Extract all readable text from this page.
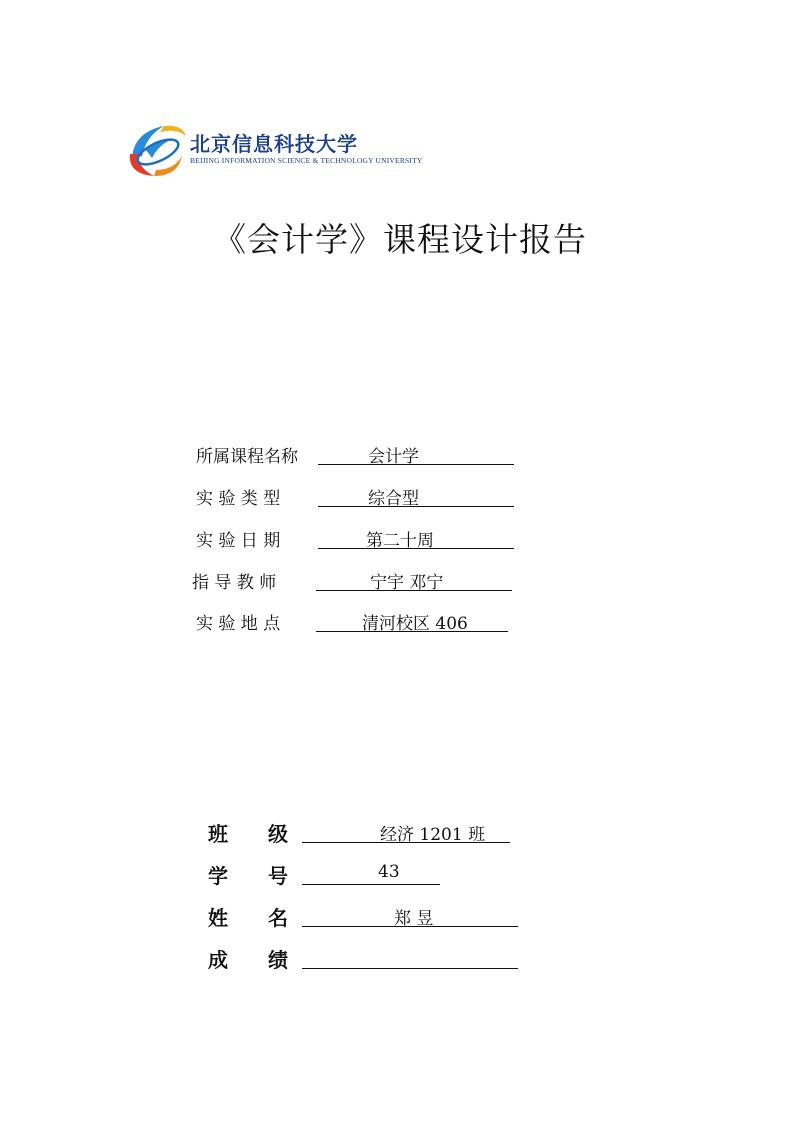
北京信息科技大学
BEIJING INFORMATION SCIENCE & TECHNOLOGY UNIVERSITY
《会计学》课程设计报告
所属课程名称	会计学
实 验 类 型	综合型
实 验 日 期	第二十周
指 导 教 师	宁宇 邓宁
实 验 地 点	清河校区 406
班　　级	经济 1201 班
学　　号	43
姓　　名	郑 昱
成　　绩
